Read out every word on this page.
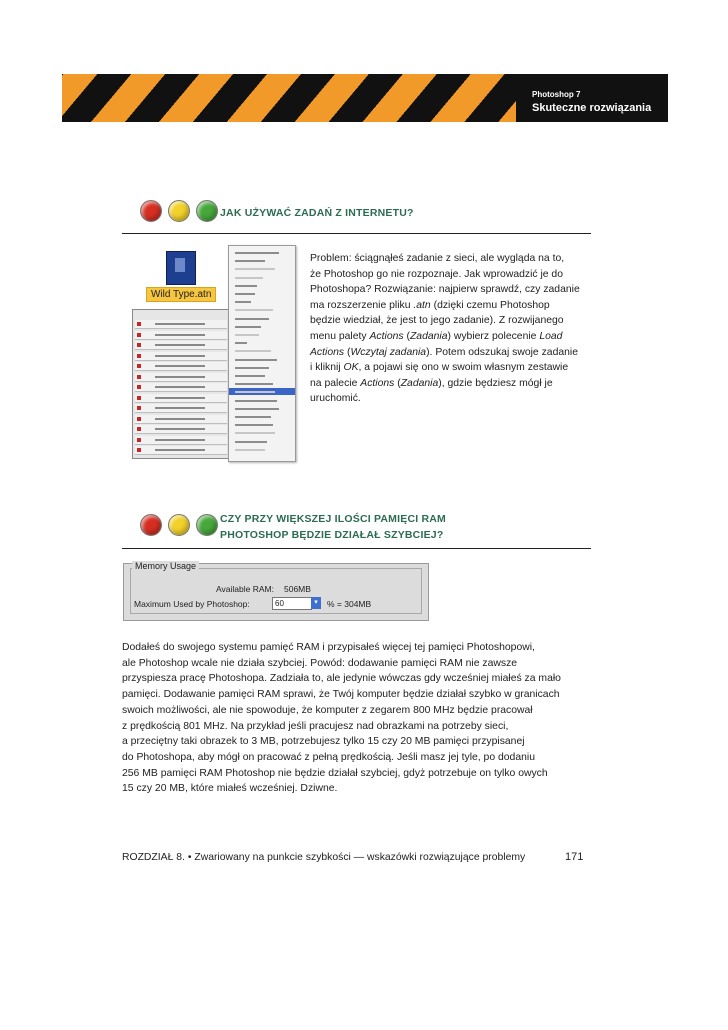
Photoshop 7
Skuteczne rozwiązania
JAK UŻYWAĆ ZADAŃ Z INTERNETU?
Wild Type.atn

Problem: ściągnąłeś zadanie z sieci, ale wygląda na to,
że Photoshop go nie rozpoznaje. Jak wprowadzić je do
Photoshopa? Rozwiązanie: najpierw sprawdź, czy zadanie
ma rozszerzenie pliku .atn (dzięki czemu Photoshop
będzie wiedział, że jest to jego zadanie). Z rozwijanego
menu palety Actions (Zadania) wybierz polecenie Load
Actions (Wczytaj zadania). Potem odszukaj swoje zadanie
i kliknij OK, a pojawi się ono w swoim własnym zestawie
na palecie Actions (Zadania), gdzie będziesz mógł je
uruchomić.

CZY PRZY WIĘKSZEJ ILOŚCI PAMIĘCI RAM
PHOTOSHOP BĘDZIE DZIAŁAŁ SZYBCIEJ?
Memory Usage
Available RAM: 506MB
Maximum Used by Photoshop:	60	▾	% = 304MB

Dodałeś do swojego systemu pamięć RAM i przypisałeś więcej tej pamięci Photoshopowi,
ale Photoshop wcale nie działa szybciej. Powód: dodawanie pamięci RAM nie zawsze
przyspiesza pracę Photoshopa. Zadziała to, ale jedynie wówczas gdy wcześniej miałeś za mało
pamięci. Dodawanie pamięci RAM sprawi, że Twój komputer będzie działał szybko w granicach
swoich możliwości, ale nie spowoduje, że komputer z zegarem 800 MHz będzie pracował
z prędkością 801 MHz. Na przykład jeśli pracujesz nad obrazkami na potrzeby sieci,
a przeciętny taki obrazek to 3 MB, potrzebujesz tylko 15 czy 20 MB pamięci przypisanej
do Photoshopa, aby mógł on pracować z pełną prędkością. Jeśli masz jej tyle, po dodaniu
256 MB pamięci RAM Photoshop nie będzie działał szybciej, gdyż potrzebuje on tylko owych
15 czy 20 MB, które miałeś wcześniej. Dziwne.

ROZDZIAŁ 8. • Zwariowany na punkcie szybkości — wskazówki rozwiązujące problemy	171
